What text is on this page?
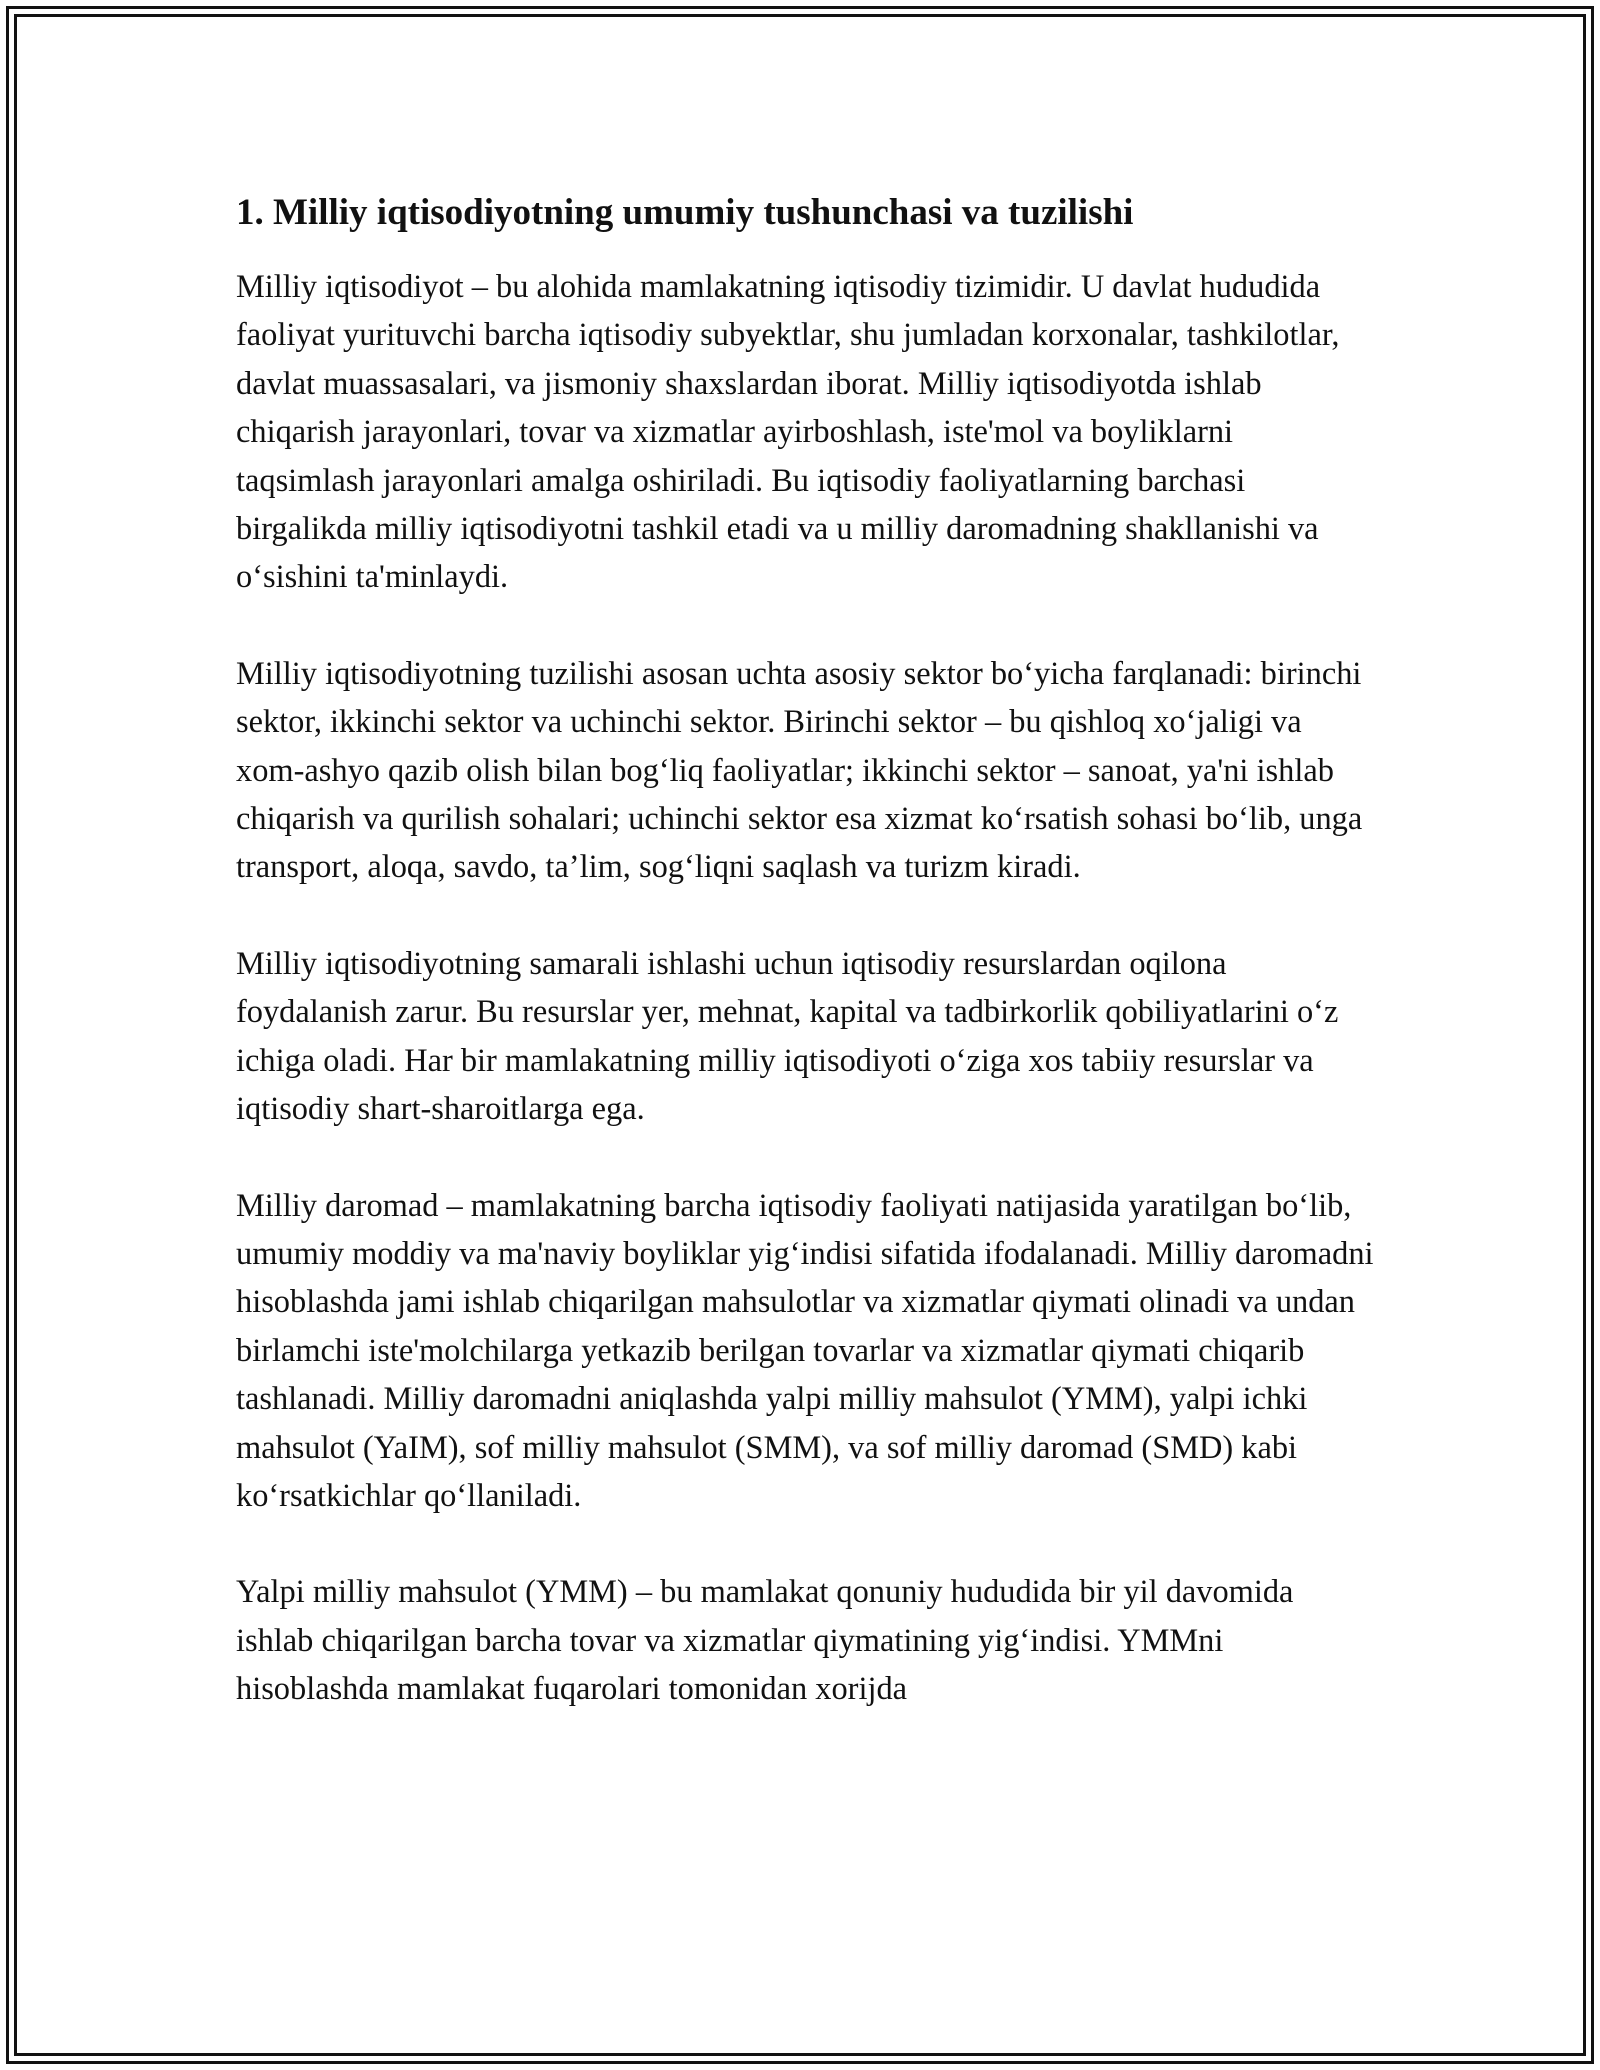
1. Milliy iqtisodiyotning umumiy tushunchasi va tuzilishi

Milliy iqtisodiyot – bu alohida mamlakatning iqtisodiy tizimidir. U davlat hududida faoliyat yurituvchi barcha iqtisodiy subyektlar, shu jumladan korxonalar, tashkilotlar, davlat muassasalari, va jismoniy shaxslardan iborat. Milliy iqtisodiyotda ishlab chiqarish jarayonlari, tovar va xizmatlar ayirboshlash, iste'mol va boyliklarni taqsimlash jarayonlari amalga oshiriladi. Bu iqtisodiy faoliyatlarning barchasi birgalikda milliy iqtisodiyotni tashkil etadi va u milliy daromadning shakllanishi va o‘sishini ta'minlaydi.

Milliy iqtisodiyotning tuzilishi asosan uchta asosiy sektor bo‘yicha farqlanadi: birinchi sektor, ikkinchi sektor va uchinchi sektor. Birinchi sektor – bu qishloq xo‘jaligi va xom-ashyo qazib olish bilan bog‘liq faoliyatlar; ikkinchi sektor – sanoat, ya'ni ishlab chiqarish va qurilish sohalari; uchinchi sektor esa xizmat ko‘rsatish sohasi bo‘lib, unga transport, aloqa, savdo, ta’lim, sog‘liqni saqlash va turizm kiradi.

Milliy iqtisodiyotning samarali ishlashi uchun iqtisodiy resurslardan oqilona foydalanish zarur. Bu resurslar yer, mehnat, kapital va tadbirkorlik qobiliyatlarini o‘z ichiga oladi. Har bir mamlakatning milliy iqtisodiyoti o‘ziga xos tabiiy resurslar va iqtisodiy shart-sharoitlarga ega.

Milliy daromad – mamlakatning barcha iqtisodiy faoliyati natijasida yaratilgan bo‘lib, umumiy moddiy va ma'naviy boyliklar yig‘indisi sifatida ifodalanadi. Milliy daromadni hisoblashda jami ishlab chiqarilgan mahsulotlar va xizmatlar qiymati olinadi va undan birlamchi iste'molchilarga yetkazib berilgan tovarlar va xizmatlar qiymati chiqarib tashlanadi. Milliy daromadni aniqlashda yalpi milliy mahsulot (YMM), yalpi ichki mahsulot (YaIM), sof milliy mahsulot (SMM), va sof milliy daromad (SMD) kabi ko‘rsatkichlar qo‘llaniladi.

Yalpi milliy mahsulot (YMM) – bu mamlakat qonuniy hududida bir yil davomida ishlab chiqarilgan barcha tovar va xizmatlar qiymatining yig‘indisi. YMMni hisoblashda mamlakat fuqarolari tomonidan xorijda
